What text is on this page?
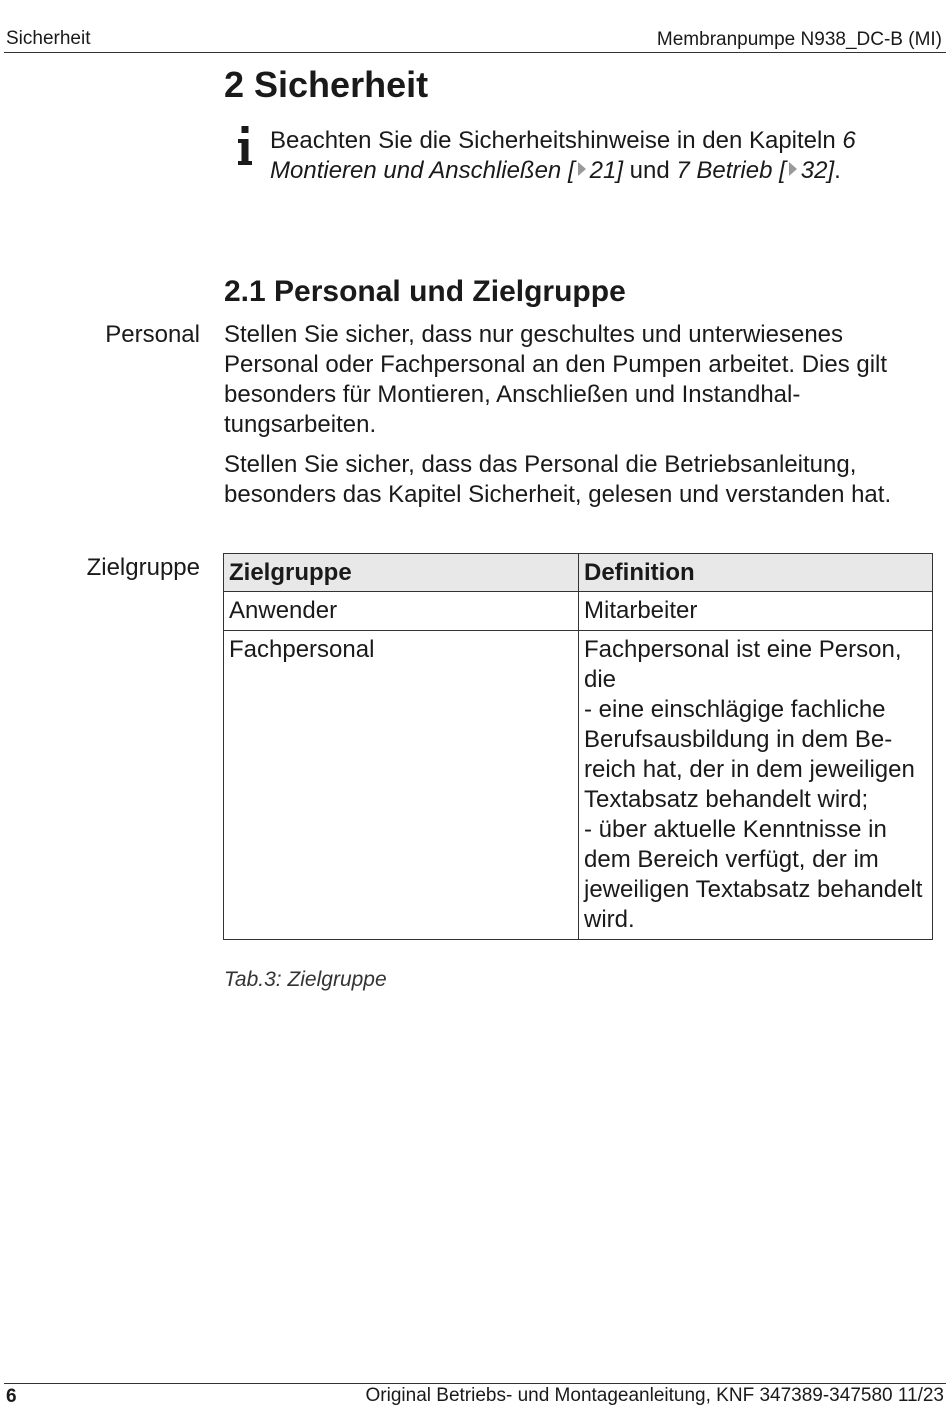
Sicherheit	Membranpumpe N938_DC-B (MI)
2 Sicherheit

Beachten Sie die Sicherheitshinweise in den Kapiteln 6 Montieren und Anschließen [ 21] und 7 Betrieb [ 32].

2.1 Personal und Zielgruppe
Personal Stellen Sie sicher, dass nur geschultes und unterwiesenes Personal oder Fachpersonal an den Pumpen arbeitet. Dies gilt besonders für Montieren, Anschließen und Instandhaltungsarbeiten.

Stellen Sie sicher, dass das Personal die Betriebsanleitung, besonders das Kapitel Sicherheit, gelesen und verstanden hat.

Zielgruppe Zielgruppe	Definition
Anwender	Mitarbeiter

Fachpersonal	Fachpersonal ist eine Person, die
- eine einschlägige fachliche Berufsausbildung in dem Bereich hat, der in dem jeweiligen Textabsatz behandelt wird;
- über aktuelle Kenntnisse in dem Bereich verfügt, der im jeweiligen Textabsatz behandelt wird.
Tab.3: Zielgruppe
6	Original Betriebs- und Montageanleitung, KNF 347389-347580 11/23
